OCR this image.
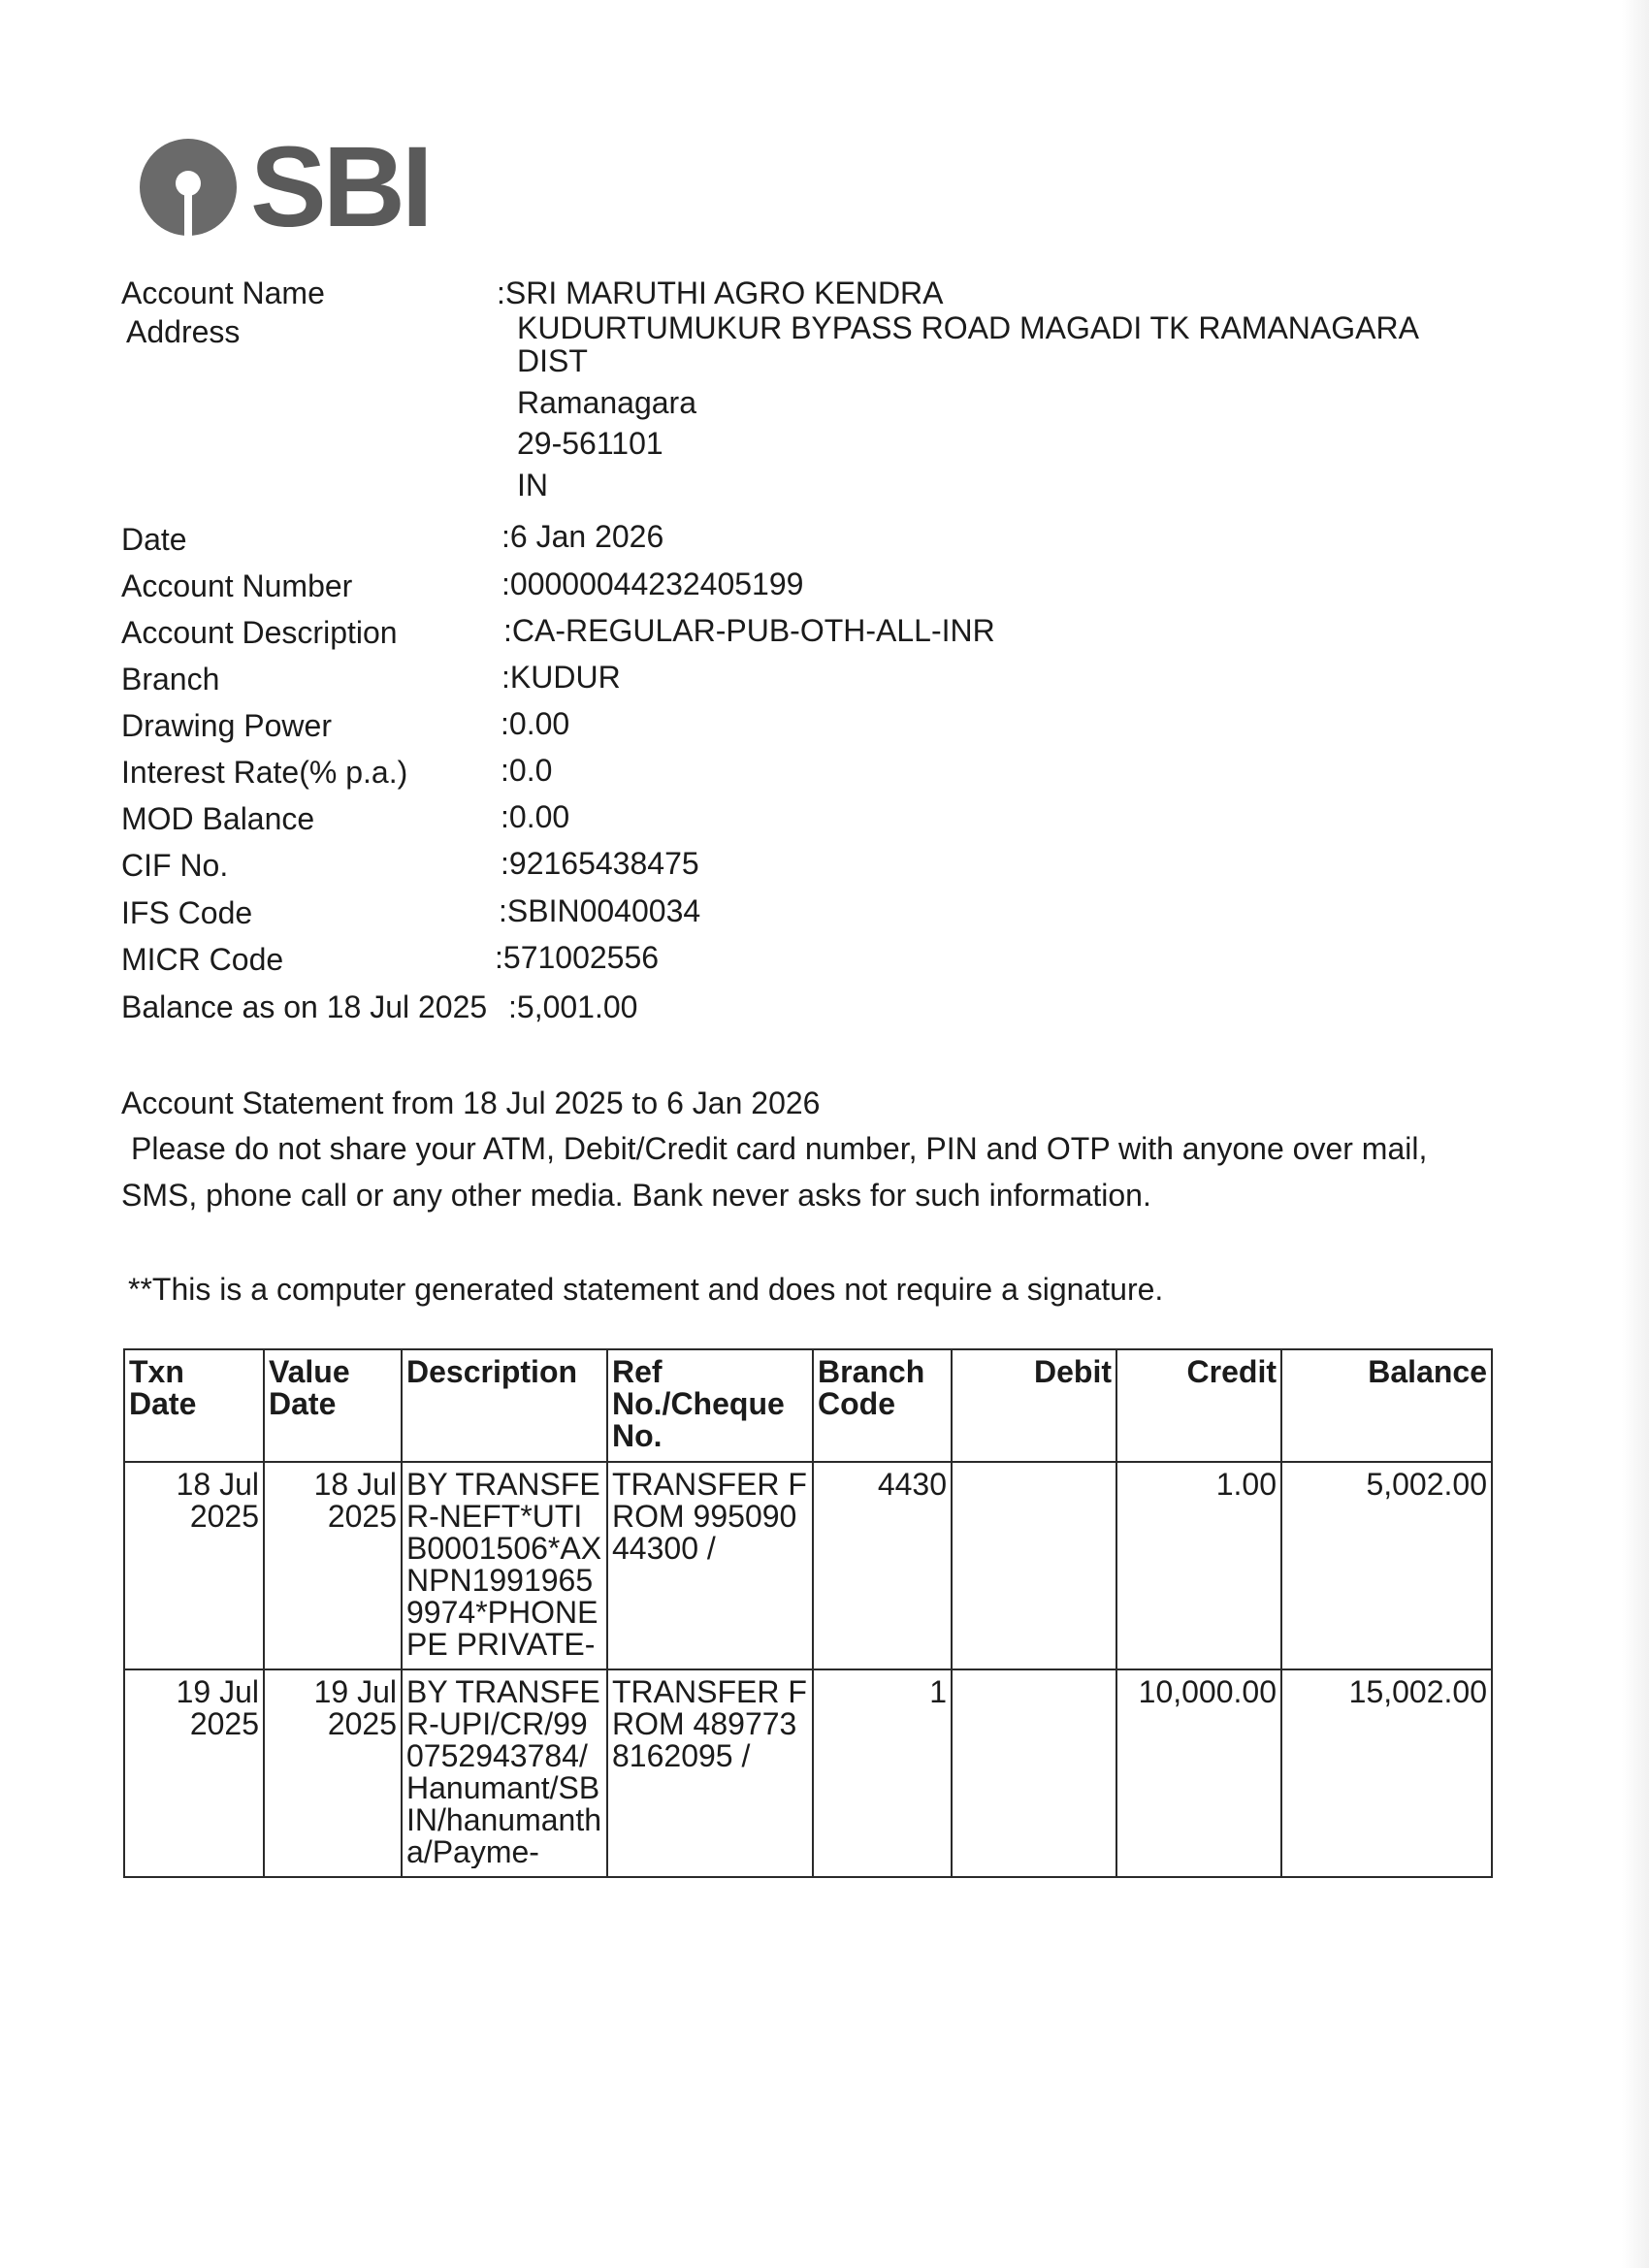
SBI
Account Name	:SRI MARUTHI AGRO KENDRA
Address	KUDURTUMUKUR BYPASS ROAD MAGADI TK RAMANAGARA
DIST
Ramanagara
29-561101
IN
Date	:6 Jan 2026
Account Number	:00000044232405199
Account Description	:CA-REGULAR-PUB-OTH-ALL-INR
Branch	:KUDUR
Drawing Power	:0.00
Interest Rate(% p.a.)	:0.0
MOD Balance	:0.00
CIF No.	:92165438475
IFS Code	:SBIN0040034
MICR Code	:571002556
Balance as on 18 Jul 2025 :5,001.00
Account Statement from 18 Jul 2025 to 6 Jan 2026
Please do not share your ATM, Debit/Credit card number, PIN and OTP with anyone over mail,
SMS, phone call or any other media. Bank never asks for such information.
**This is a computer generated statement and does not require a signature.
Txn Date	Value Date	Description	Ref No./Cheque No.	Branch Code	Debit	Credit	Balance
18 Jul 2025	18 Jul 2025	BY TRANSFER-NEFT*UTIB0001506*AXNPN19919659974*PHONEPE PRIVATE-	TRANSFER FROM 99509044300 /	4430		1.00	5,002.00
19 Jul 2025	19 Jul 2025	BY TRANSFER-UPI/CR/990752943784/Hanumant/SBIN/hanumantha/Payme-	TRANSFER FROM 4897738162095 /	1		10,000.00	15,002.00
